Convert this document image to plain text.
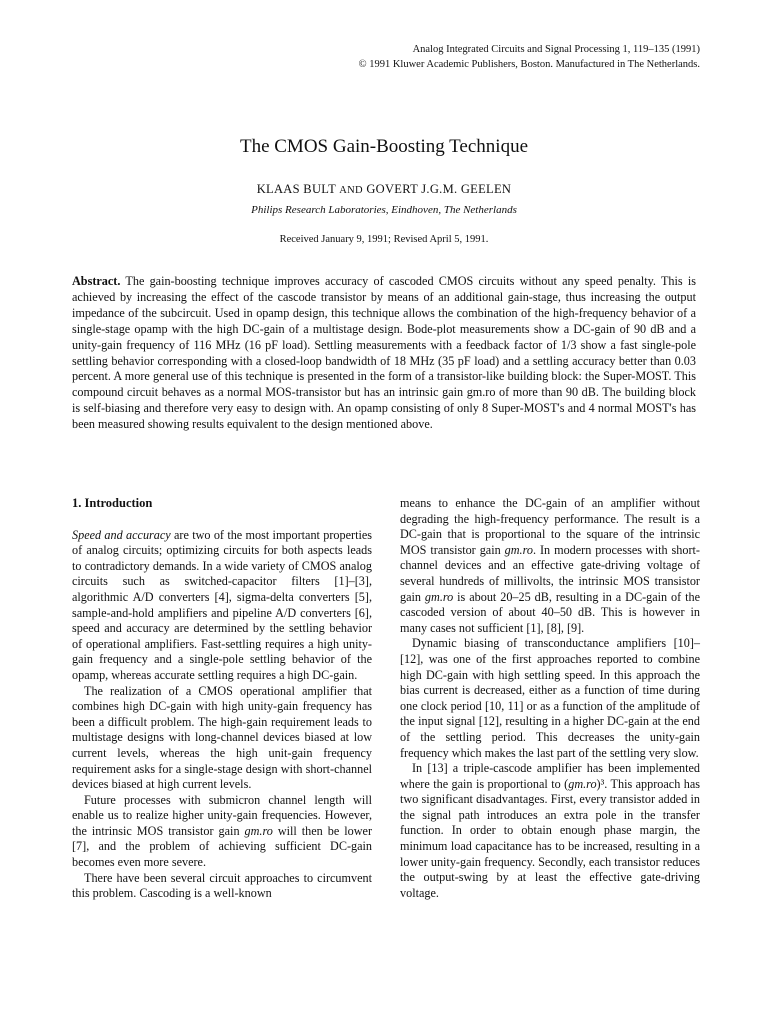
Analog Integrated Circuits and Signal Processing 1, 119–135 (1991)
© 1991 Kluwer Academic Publishers, Boston. Manufactured in The Netherlands.
The CMOS Gain-Boosting Technique
KLAAS BULT AND GOVERT J.G.M. GEELEN
Philips Research Laboratories, Eindhoven, The Netherlands
Received January 9, 1991; Revised April 5, 1991.
Abstract. The gain-boosting technique improves accuracy of cascoded CMOS circuits without any speed penalty. This is achieved by increasing the effect of the cascode transistor by means of an additional gain-stage, thus increasing the output impedance of the subcircuit. Used in opamp design, this technique allows the combination of the high-frequency behavior of a single-stage opamp with the high DC-gain of a multistage design. Bode-plot measurements show a DC-gain of 90 dB and a unity-gain frequency of 116 MHz (16 pF load). Settling measurements with a feedback factor of 1/3 show a fast single-pole settling behavior corresponding with a closed-loop bandwidth of 18 MHz (35 pF load) and a settling accuracy better than 0.03 percent. A more general use of this technique is presented in the form of a transistor-like building block: the Super-MOST. This compound circuit behaves as a normal MOS-transistor but has an intrinsic gain gm.ro of more than 90 dB. The building block is self-biasing and therefore very easy to design with. An opamp consisting of only 8 Super-MOST's and 4 normal MOST's has been measured showing results equivalent to the design mentioned above.
1. Introduction

Speed and accuracy are two of the most important properties of analog circuits; optimizing circuits for both aspects leads to contradictory demands. In a wide variety of CMOS analog circuits such as switched-capacitor filters [1]–[3], algorithmic A/D converters [4], sigma-delta converters [5], sample-and-hold amplifiers and pipeline A/D converters [6], speed and accuracy are determined by the settling behavior of operational amplifiers. Fast-settling requires a high unity-gain frequency and a single-pole settling behavior of the opamp, whereas accurate settling requires a high DC-gain.

The realization of a CMOS operational amplifier that combines high DC-gain with high unity-gain frequency has been a difficult problem. The high-gain requirement leads to multistage designs with long-channel devices biased at low current levels, whereas the high unit-gain frequency requirement asks for a single-stage design with short-channel devices biased at high current levels.

Future processes with submicron channel length will enable us to realize higher unity-gain frequencies. However, the intrinsic MOS transistor gain gm.ro will then be lower [7], and the problem of achieving sufficient DC-gain becomes even more severe.

There have been several circuit approaches to circumvent this problem. Cascoding is a well-known

means to enhance the DC-gain of an amplifier without degrading the high-frequency performance. The result is a DC-gain that is proportional to the square of the intrinsic MOS transistor gain gm.ro. In modern processes with short-channel devices and an effective gate-driving voltage of several hundreds of millivolts, the intrinsic MOS transistor gain gm.ro is about 20–25 dB, resulting in a DC-gain of the cascoded version of about 40–50 dB. This is however in many cases not sufficient [1], [8], [9].

Dynamic biasing of transconductance amplifiers [10]–[12], was one of the first approaches reported to combine high DC-gain with high settling speed. In this approach the bias current is decreased, either as a function of time during one clock period [10, 11] or as a function of the amplitude of the input signal [12], resulting in a higher DC-gain at the end of the settling period. This decreases the unity-gain frequency which makes the last part of the settling very slow.

In [13] a triple-cascode amplifier has been implemented where the gain is proportional to (gm.ro)³. This approach has two significant disadvantages. First, every transistor added in the signal path introduces an extra pole in the transfer function. In order to obtain enough phase margin, the minimum load capacitance has to be increased, resulting in a lower unity-gain frequency. Secondly, each transistor reduces the output-swing by at least the effective gate-driving voltage.
